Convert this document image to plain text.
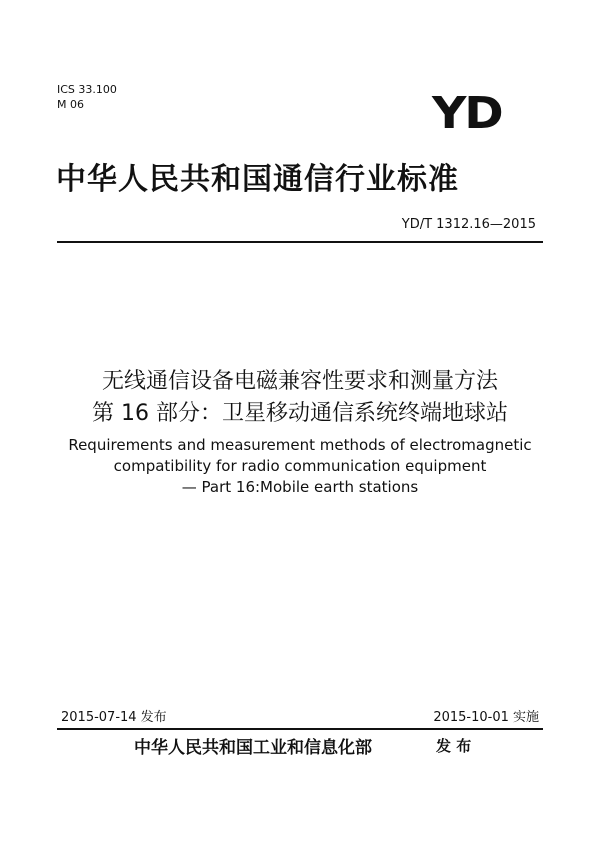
ICS 33.100
M 06	YD
中华人民共和国通信行业标准
YD/T 1312.16—2015
无线通信设备电磁兼容性要求和测量方法
第 16 部分：卫星移动通信系统终端地球站
Requirements and measurement methods of electromagnetic
compatibility for radio communication equipment
— Part 16:Mobile earth stations
2015-07-14 发布	2015-10-01 实施
中华人民共和国工业和信息化部	发 布
